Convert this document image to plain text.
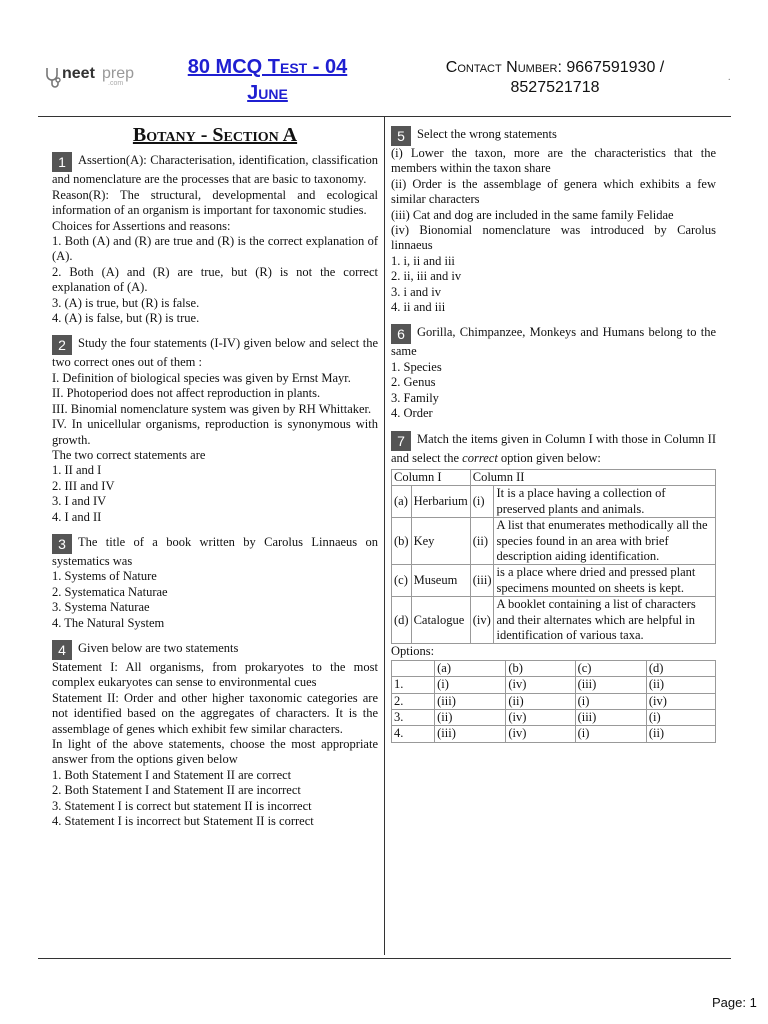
neet prep
.com
80 MCQ Test - 04
June
Contact Number: 9667591930 /
8527521718
.
Botany - Section A
1 Assertion(A): Characterisation, identification, classification and nomenclature are the processes that are basic to taxonomy.
Reason(R): The structural, developmental and ecological information of an organism is important for taxonomic studies.
Choices for Assertions and reasons:
1. Both (A) and (R) are true and (R) is the correct explanation of (A).
2. Both (A) and (R) are true, but (R) is not the correct explanation of (A).
3. (A) is true, but (R) is false.
4. (A) is false, but (R) is true.
2 Study the four statements (I-IV) given below and select the two correct ones out of them :
I. Definition of biological species was given by Ernst Mayr.
II. Photoperiod does not affect reproduction in plants.
III. Binomial nomenclature system was given by RH Whittaker.
IV. In unicellular organisms, reproduction is synonymous with growth.
The two correct statements are
1. II and I
2. III and IV
3. I and IV
4. I and II
3 The title of a book written by Carolus Linnaeus on systematics was
1. Systems of Nature
2. Systematica Naturae
3. Systema Naturae
4. The Natural System
4 Given below are two statements
Statement I: All organisms, from prokaryotes to the most complex eukaryotes can sense to environmental cues
Statement II: Order and other higher taxonomic categories are not identified based on the aggregates of characters. It is the assemblage of genes which exhibit few similar characters.
In light of the above statements, choose the most appropriate answer from the options given below
1. Both Statement I and Statement II are correct
2. Both Statement I and Statement II are incorrect
3. Statement I is correct but statement II is incorrect
4. Statement I is incorrect but Statement II is correct
5 Select the wrong statements
(i) Lower the taxon, more are the characteristics that the members within the taxon share
(ii) Order is the assemblage of genera which exhibits a few similar characters
(iii) Cat and dog are included in the same family Felidae
(iv) Bionomial nomenclature was introduced by Carolus linnaeus
1. i, ii and iii
2. ii, iii and iv
3. i and iv
4. ii and iii
6 Gorilla, Chimpanzee, Monkeys and Humans belong to the same
1. Species
2. Genus
3. Family
4. Order
7 Match the items given in Column I with those in Column II and select the correct option given below:
Column I		Column II	
(a)	Herbarium	(i)	It is a place having a collection of preserved plants and animals.
(b)	Key	(ii)	A list that enumerates methodically all the species found in an area with brief description aiding identification.
(c)	Museum	(iii)	is a place where dried and pressed plant specimens mounted on sheets is kept.
(d)	Catalogue	(iv)	A booklet containing a list of characters and their alternates which are helpful in identification of various taxa.
Options:
	(a)	(b)	(c)	(d)
1.	(i)	(iv)	(iii)	(ii)
2.	(iii)	(ii)	(i)	(iv)
3.	(ii)	(iv)	(iii)	(i)
4.	(iii)	(iv)	(i)	(ii)
Page: 1
